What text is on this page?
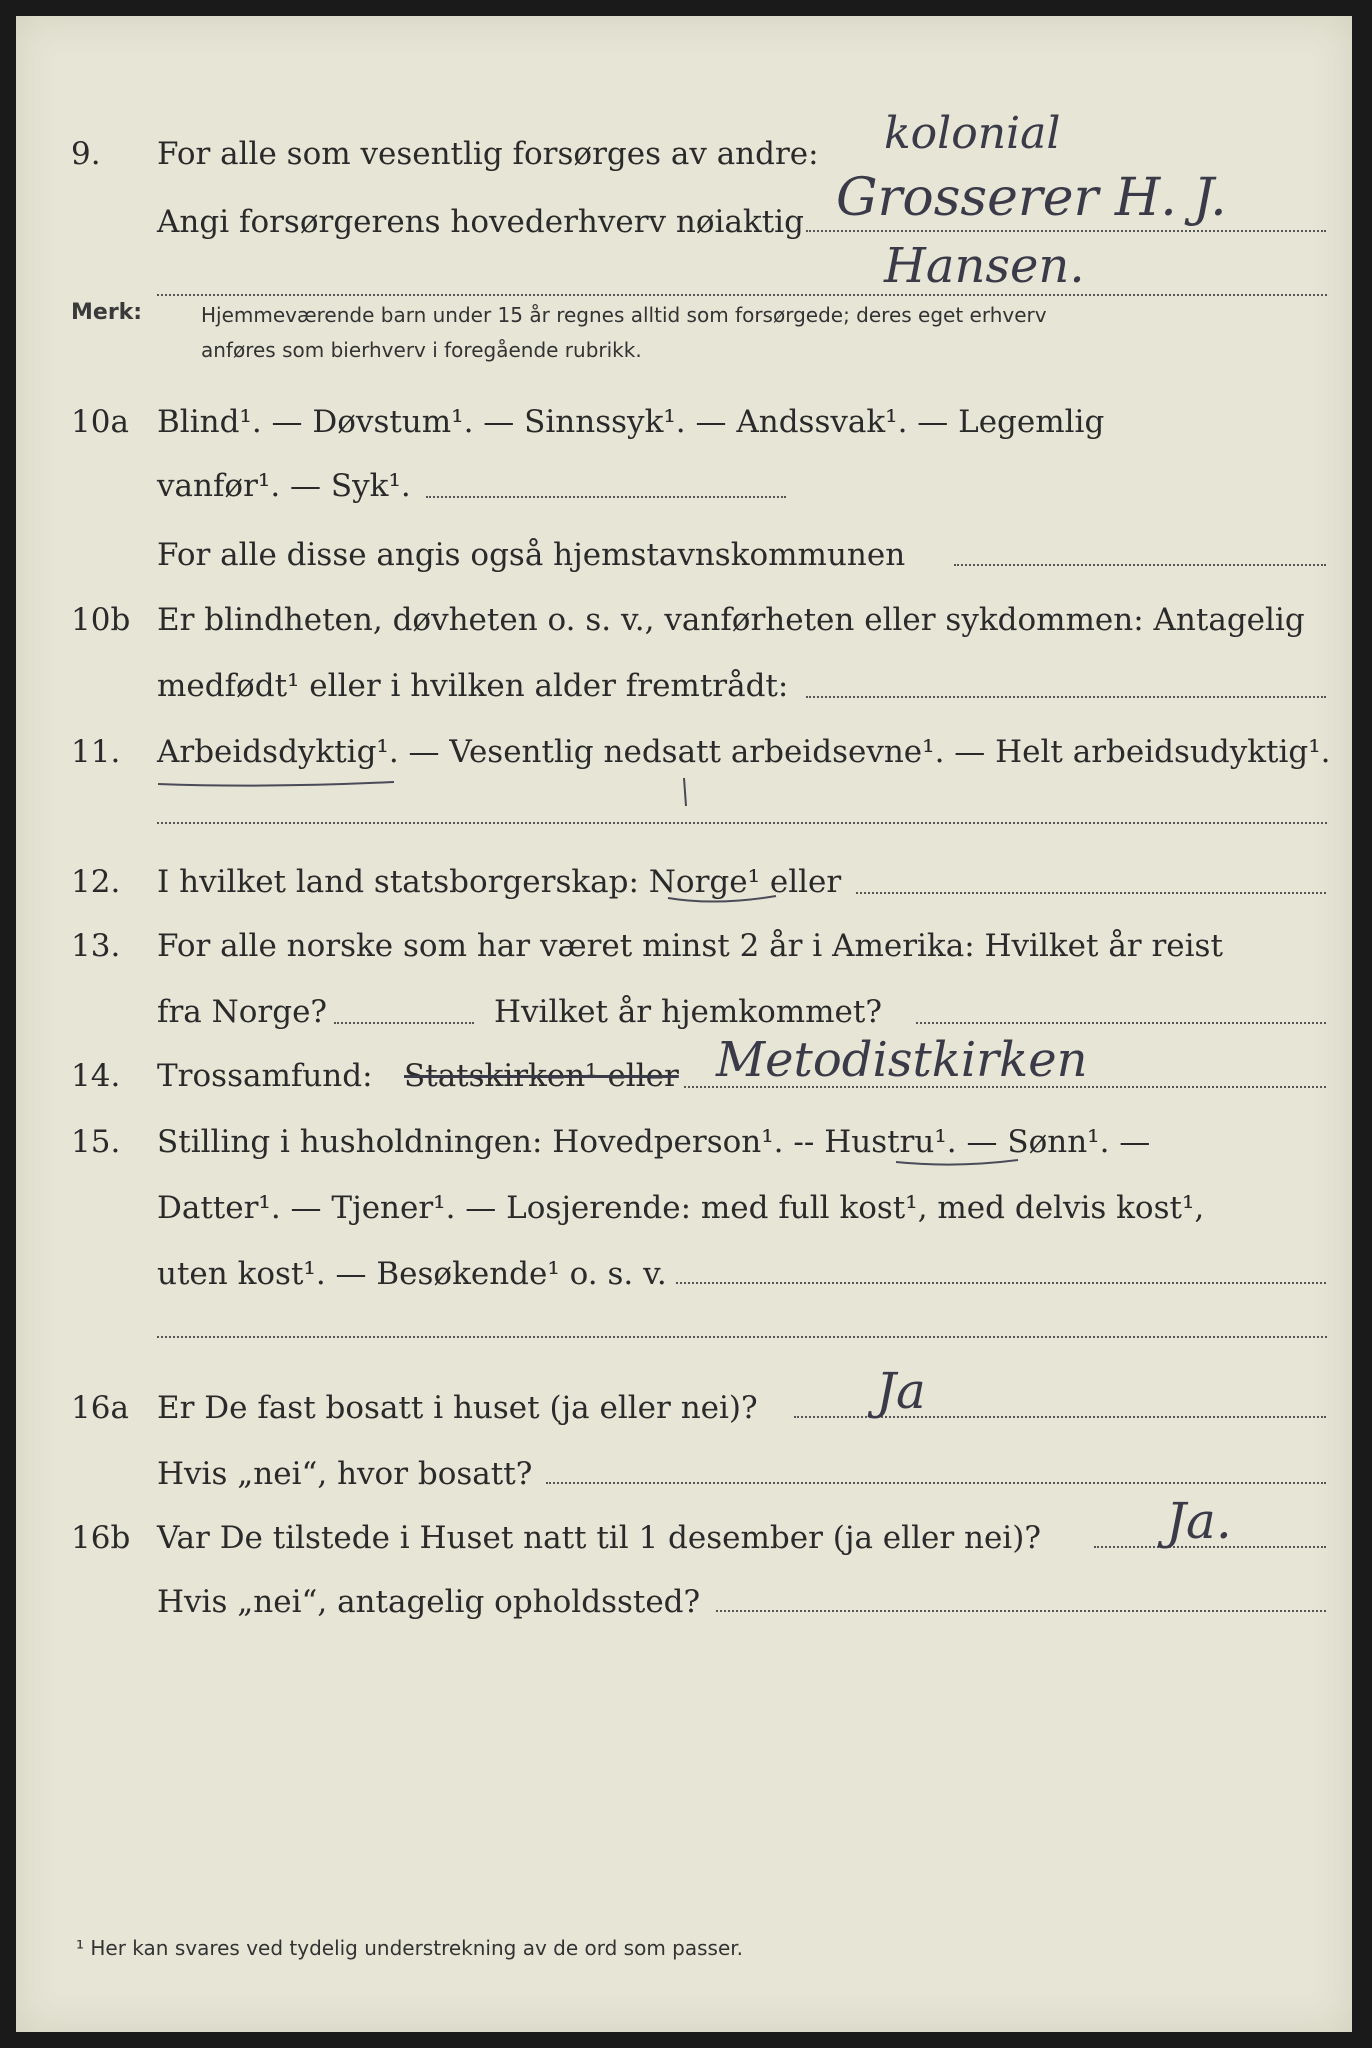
9. For alle som vesentlig forsørges av andre: kolonial
Angi forsørgerens hovederhverv nøiaktig Grosserer H. J.
Hansen.
Merk:	Hjemmeværende barn under 15 år regnes alltid som forsørgede; deres eget erhverv
anføres som bierhverv i foregående rubrikk.
10a Blind¹. — Døvstum¹. — Sinnssyk¹. — Andssvak¹. — Legemlig
vanfør¹. — Syk¹.
For alle disse angis også hjemstavnskommunen
10b Er blindheten, døvheten o. s. v., vanførheten eller sykdommen: Antagelig
medfødt¹ eller i hvilken alder fremtrådt:
11. Arbeidsdyktig¹. — Vesentlig nedsatt arbeidsevne¹. — Helt arbeidsudyktig¹.
12. I hvilket land statsborgerskap: Norge¹ eller
13. For alle norske som har været minst 2 år i Amerika: Hvilket år reist
fra Norge?	Hvilket år hjemkommet?
14. Trossamfund: Statskirken¹ eller Metodistkirken
15. Stilling i husholdningen: Hovedperson¹. -- Hustru¹. — Sønn¹. —
Datter¹. — Tjener¹. — Losjerende: med full kost¹, med delvis kost¹,
uten kost¹. — Besøkende¹ o. s. v.
16a Er De fast bosatt i huset (ja eller nei)? Ja
Hvis „nei“, hvor bosatt?
16b Var De tilstede i Huset natt til 1 desember (ja eller nei)?	Ja.
Hvis „nei“, antagelig opholdssted?
¹ Her kan svares ved tydelig understrekning av de ord som passer.
